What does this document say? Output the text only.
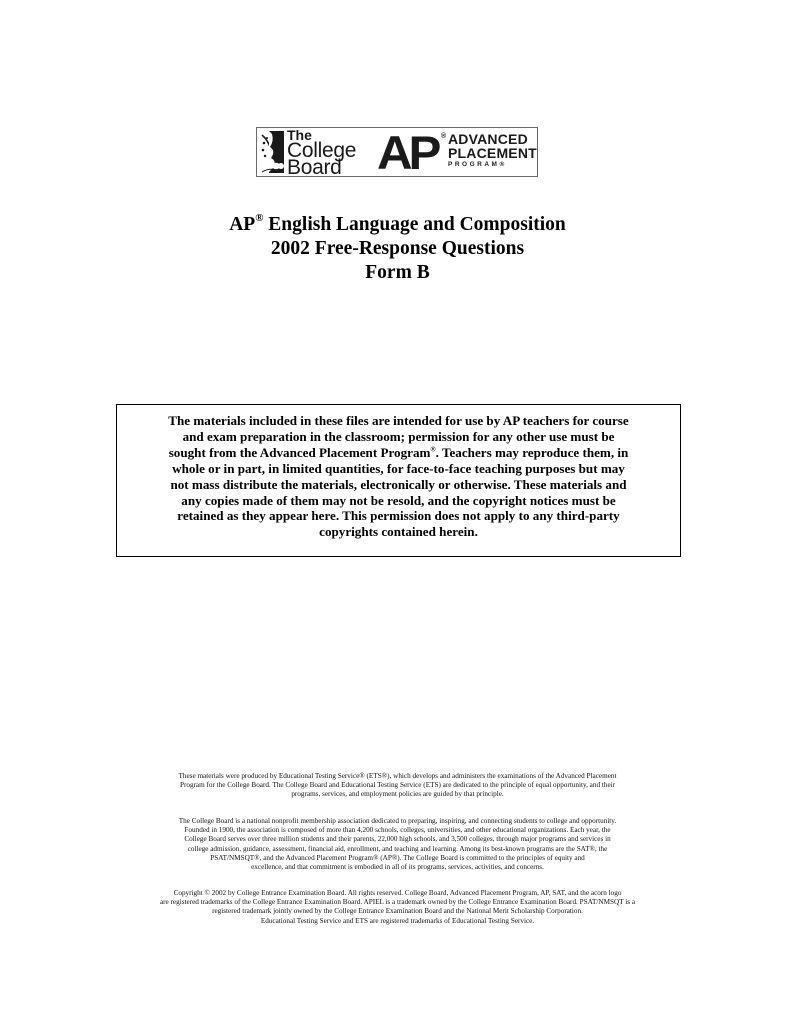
The
College
Board AP ® ADVANCED
PLACEMENT
PROGRAM®
AP® English Language and Composition
2002 Free-Response Questions
Form B
The materials included in these files are intended for use by AP teachers for course
and exam preparation in the classroom; permission for any other use must be
sought from the Advanced Placement Program®. Teachers may reproduce them, in
whole or in part, in limited quantities, for face-to-face teaching purposes but may
not mass distribute the materials, electronically or otherwise. These materials and
any copies made of them may not be resold, and the copyright notices must be
retained as they appear here. This permission does not apply to any third-party
copyrights contained herein.
These materials were produced by Educational Testing Service® (ETS®), which develops and administers the examinations of the Advanced Placement
Program for the College Board. The College Board and Educational Testing Service (ETS) are dedicated to the principle of equal opportunity, and their
programs, services, and employment policies are guided by that principle.
The College Board is a national nonprofit membership association dedicated to preparing, inspiring, and connecting students to college and opportunity.
Founded in 1900, the association is composed of more than 4,200 schools, colleges, universities, and other educational organizations. Each year, the
College Board serves over three million students and their parents, 22,000 high schools, and 3,500 colleges, through major programs and services in
college admission, guidance, assessment, financial aid, enrollment, and teaching and learning. Among its best-known programs are the SAT®, the
PSAT/NMSQT®, and the Advanced Placement Program® (AP®). The College Board is committed to the principles of equity and
excellence, and that commitment is embodied in all of its programs, services, activities, and concerns.
Copyright © 2002 by College Entrance Examination Board. All rights reserved. College Board, Advanced Placement Program, AP, SAT, and the acorn logo
are registered trademarks of the College Entrance Examination Board. APIEL is a trademark owned by the College Entrance Examination Board. PSAT/NMSQT is a
registered trademark jointly owned by the College Entrance Examination Board and the National Merit Scholarship Corporation.
Educational Testing Service and ETS are registered trademarks of Educational Testing Service.
